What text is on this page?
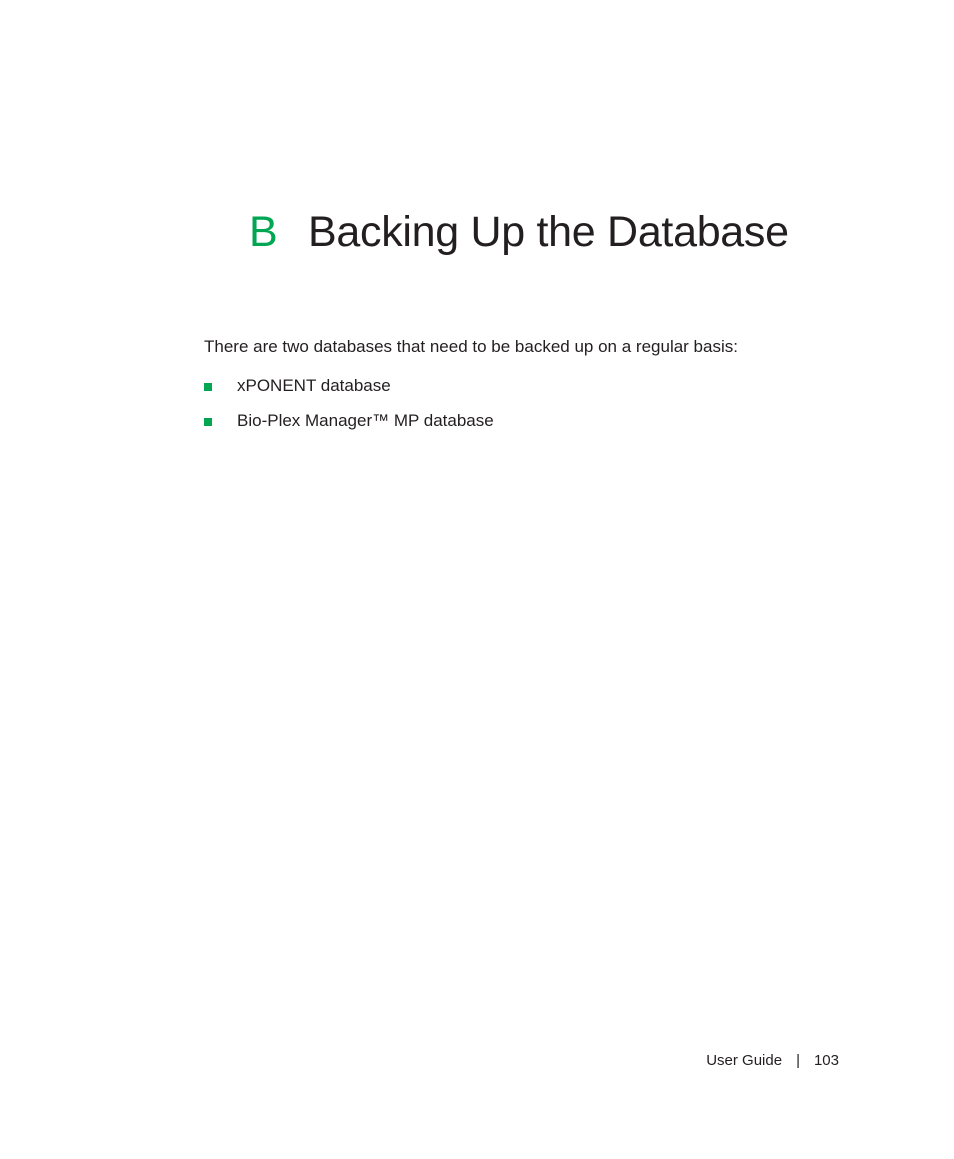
B Backing Up the Database

There are two databases that need to be backed up on a regular basis:

xPONENT database
Bio-Plex Manager™ MP database
User Guide | 103
